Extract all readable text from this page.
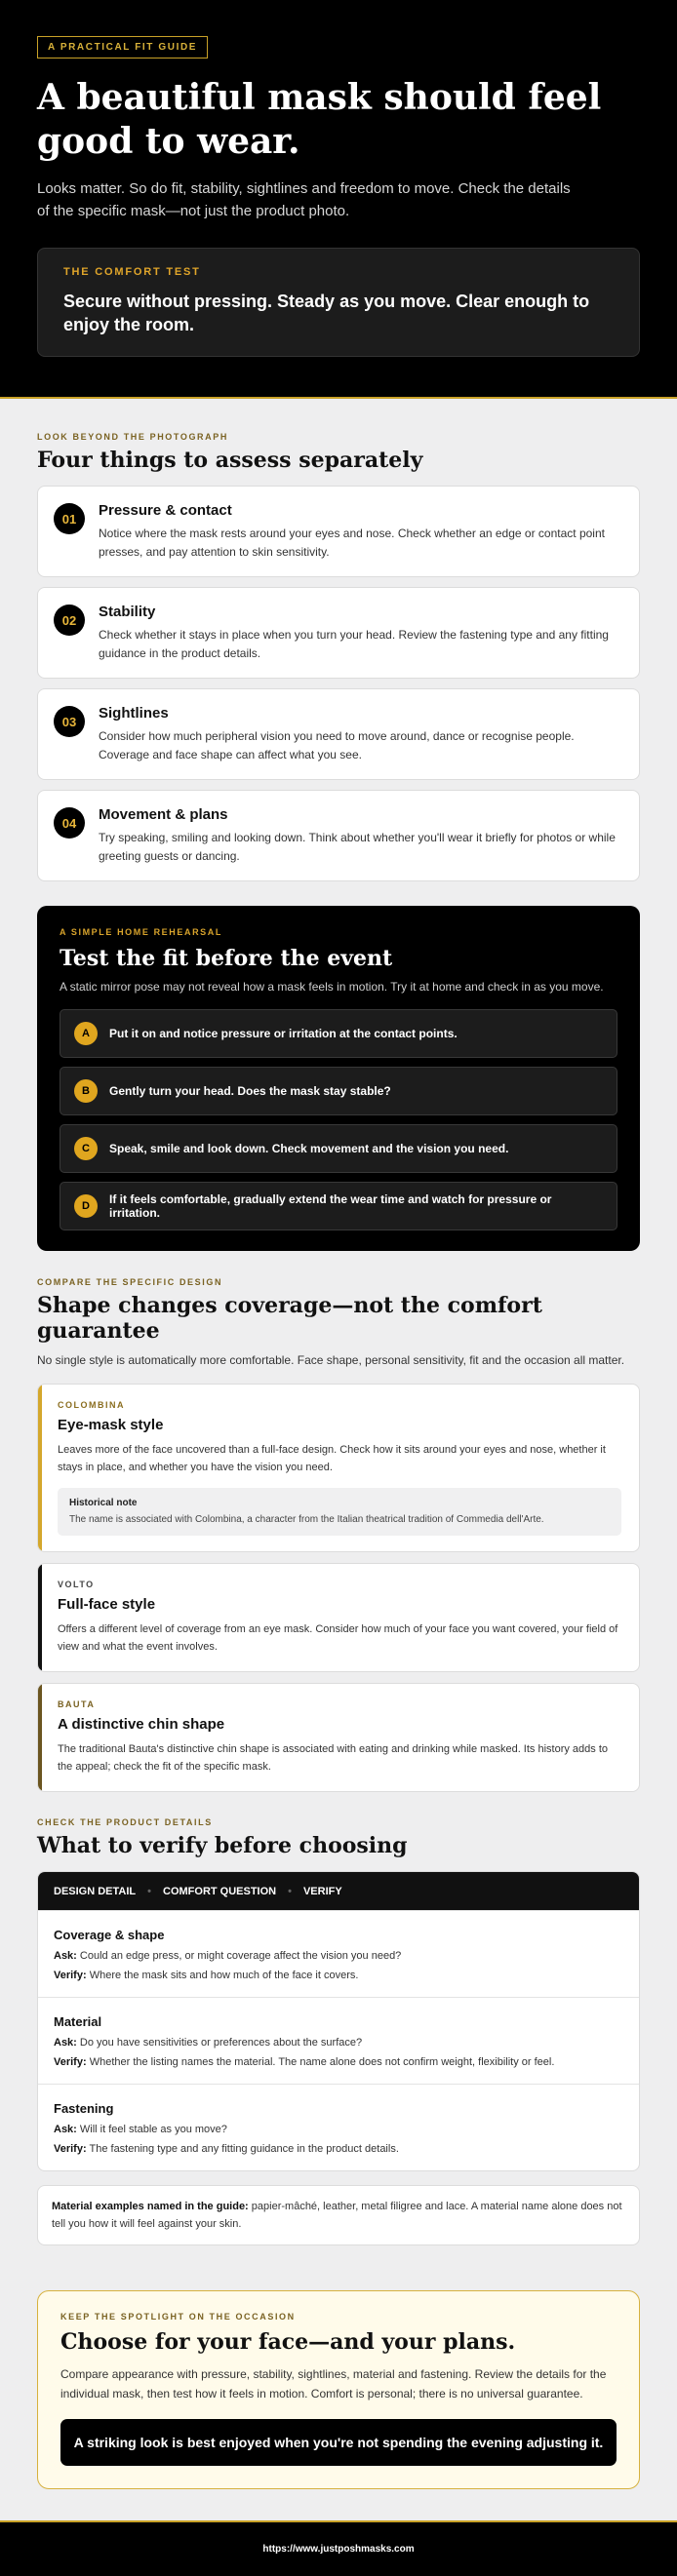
A PRACTICAL FIT GUIDE
A beautiful mask should feel good to wear.

Looks matter. So do fit, stability, sightlines and freedom to move. Check the details of the specific mask—not just the product photo.

THE COMFORT TEST
Secure without pressing. Steady as you move. Clear enough to enjoy the room.
LOOK BEYOND THE PHOTOGRAPH
Four things to assess separately
01	Pressure & contact
Notice where the mask rests around your eyes and nose. Check whether an edge or contact point presses, and pay attention to skin sensitivity.
02	Stability
Check whether it stays in place when you turn your head. Review the fastening type and any fitting guidance in the product details.
03	Sightlines
Consider how much peripheral vision you need to move around, dance or recognise people. Coverage and face shape can affect what you see.
04	Movement & plans
Try speaking, smiling and looking down. Think about whether you'll wear it briefly for photos or while greeting guests or dancing.
A SIMPLE HOME REHEARSAL
Test the fit before the event

A static mirror pose may not reveal how a mask feels in motion. Try it at home and check in as you move.

A	Put it on and notice pressure or irritation at the contact points.
B	Gently turn your head. Does the mask stay stable?
C	Speak, smile and look down. Check movement and the vision you need.
D	If it feels comfortable, gradually extend the wear time and watch for pressure or irritation.
COMPARE THE SPECIFIC DESIGN
Shape changes coverage—not the comfort guarantee

No single style is automatically more comfortable. Face shape, personal sensitivity, fit and the occasion all matter.

COLOMBINA
Eye-mask style
Leaves more of the face uncovered than a full-face design. Check how it sits around your eyes and nose, whether it stays in place, and whether you have the vision you need.
Historical note
The name is associated with Colombina, a character from the Italian theatrical tradition of Commedia dell'Arte.
VOLTO
Full-face style
Offers a different level of coverage from an eye mask. Consider how much of your face you want covered, your field of view and what the event involves.
BAUTA
A distinctive chin shape
The traditional Bauta's distinctive chin shape is associated with eating and drinking while masked. Its history adds to the appeal; check the fit of the specific mask.
CHECK THE PRODUCT DETAILS
What to verify before choosing
DESIGN DETAIL • COMFORT QUESTION • VERIFY
Coverage & shape
Ask: Could an edge press, or might coverage affect the vision you need?
Verify: Where the mask sits and how much of the face it covers.
Material
Ask: Do you have sensitivities or preferences about the surface?
Verify: Whether the listing names the material. The name alone does not confirm weight, flexibility or feel.
Fastening
Ask: Will it feel stable as you move?
Verify: The fastening type and any fitting guidance in the product details.
Material examples named in the guide: papier-mâché, leather, metal filigree and lace. A material name alone does not tell you how it will feel against your skin.
KEEP THE SPOTLIGHT ON THE OCCASION
Choose for your face—and your plans.

Compare appearance with pressure, stability, sightlines, material and fastening. Review the details for the individual mask, then test how it feels in motion. Comfort is personal; there is no universal guarantee.

A striking look is best enjoyed when you're not spending the evening adjusting it.
https://www.justposhmasks.com
